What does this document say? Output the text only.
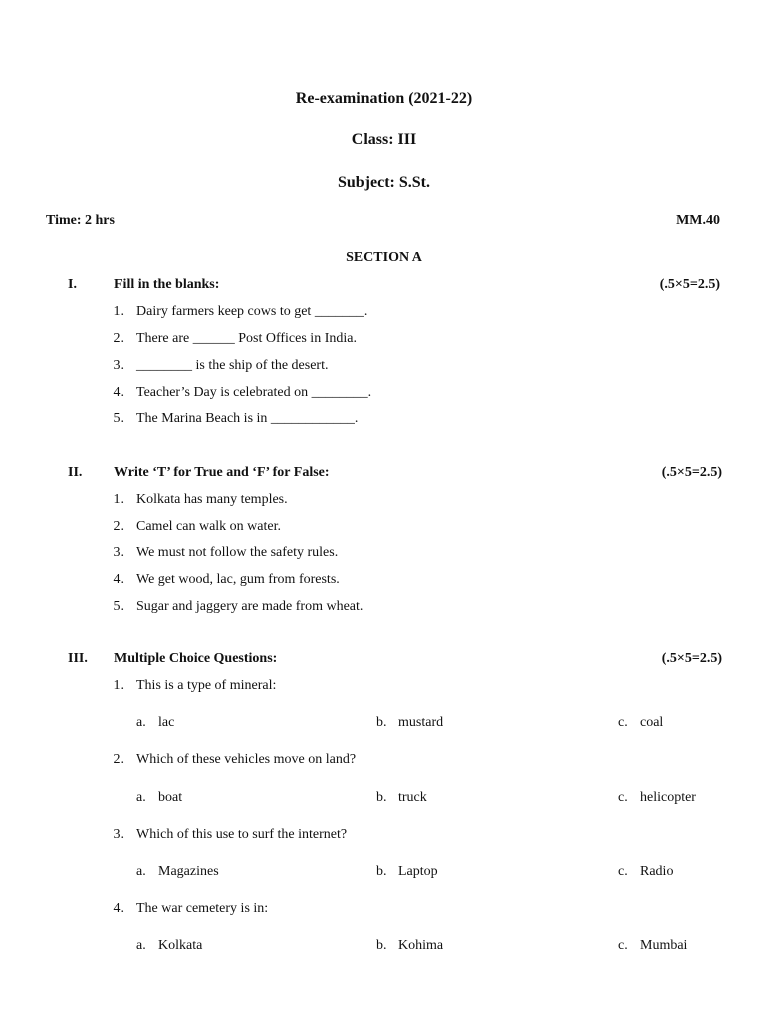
Re-examination (2021-22)
Class: III
Subject: S.St.
Time: 2 hrs	MM.40
SECTION A
I.	Fill in the blanks:	(.5×5=2.5)
1. Dairy farmers keep cows to get _______.
2. There are ______ Post Offices in India.
3. ________ is the ship of the desert.
4. Teacher’s Day is celebrated on ________.
5. The Marina Beach is in ____________.
II. Write ‘T’ for True and ‘F’ for False:	(.5×5=2.5)
1. Kolkata has many temples.
2. Camel can walk on water.
3. We must not follow the safety rules.
4. We get wood, lac, gum from forests.
5. Sugar and jaggery are made from wheat.
III. Multiple Choice Questions:	(.5×5=2.5)
1. This is a type of mineral:
a. lac	b. mustard	c. coal
2. Which of these vehicles move on land?
a. boat	b. truck	c. helicopter
3. Which of this use to surf the internet?
a. Magazines	b. Laptop	c. Radio
4. The war cemetery is in:
a. Kolkata	b. Kohima	c. Mumbai
